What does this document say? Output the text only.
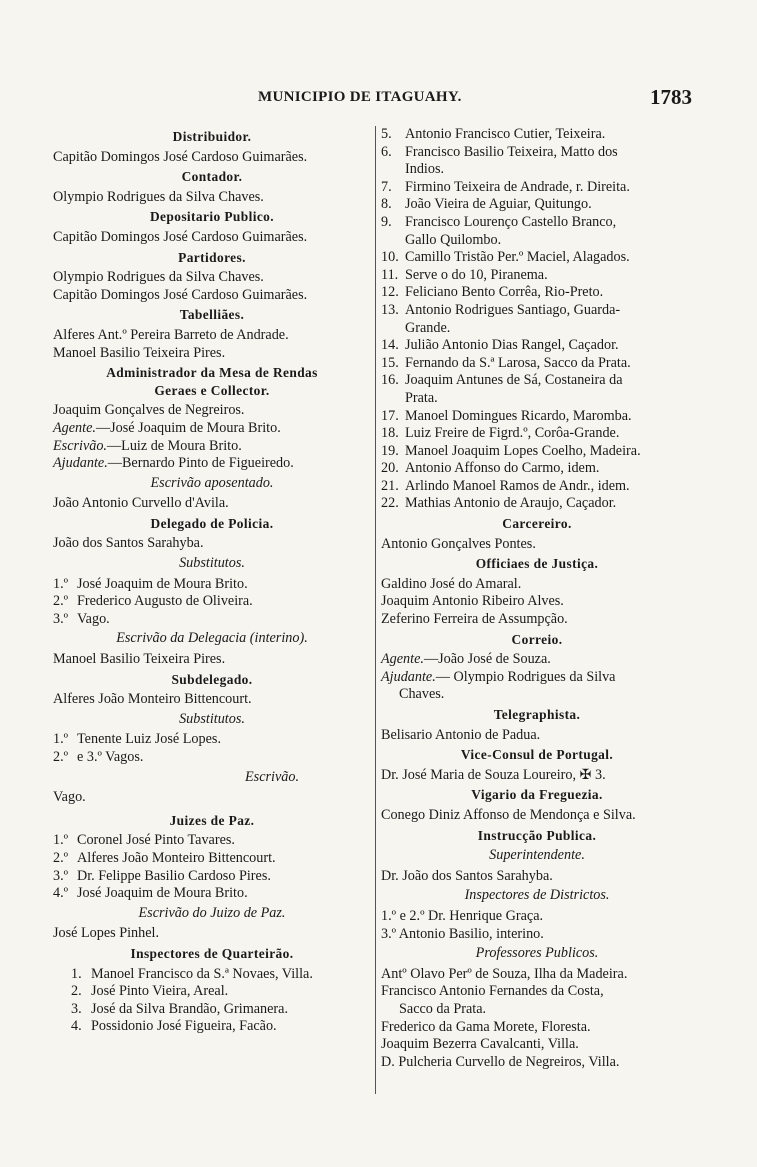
MUNICIPIO DE ITAGUAHY.	1783
Distribuidor.
Capitão Domingos José Cardoso Guimarães.
Contador.
Olympio Rodrigues da Silva Chaves.
Depositario Publico.
Capitão Domingos José Cardoso Guimarães.
Partidores.
Olympio Rodrigues da Silva Chaves.
Capitão Domingos José Cardoso Guimarães.
Tabelliães.
Alferes Ant.º Pereira Barreto de Andrade.
Manoel Basilio Teixeira Pires.
Administrador da Mesa de Rendas
Geraes e Collector.
Joaquim Gonçalves de Negreiros.
Agente.—José Joaquim de Moura Brito.
Escrivão.—Luiz de Moura Brito.
Ajudante.—Bernardo Pinto de Figueiredo.
Escrivão aposentado.
João Antonio Curvello d'Avila.
Delegado de Policia.
João dos Santos Sarahyba.
Substitutos.
1.º José Joaquim de Moura Brito.
2.º Frederico Augusto de Oliveira.
3.º Vago.
Escrivão da Delegacia (interino).
Manoel Basilio Teixeira Pires.
Subdelegado.
Alferes João Monteiro Bittencourt.
Substitutos.
1.º Tenente Luiz José Lopes.
2.º e 3.º Vagos.
Escrivão.
Vago.
Juizes de Paz.
1.º Coronel José Pinto Tavares.
2.º Alferes João Monteiro Bittencourt.
3.º Dr. Felippe Basilio Cardoso Pires.
4.º José Joaquim de Moura Brito.
Escrivão do Juizo de Paz.
José Lopes Pinhel.
Inspectores de Quarteirão.
1. Manoel Francisco da S.ª Novaes, Villa.
2. José Pinto Vieira, Areal.
3. José da Silva Brandão, Grimanera.
4. Possidonio José Figueira, Facão.
5. Antonio Francisco Cutier, Teixeira.
6. Francisco Basilio Teixeira, Matto dos
Indios.
7. Firmino Teixeira de Andrade, r. Direita.
8. João Vieira de Aguiar, Quitungo.
9. Francisco Lourenço Castello Branco,
Gallo Quilombo.
10. Camillo Tristão Per.º Maciel, Alagados.
11. Serve o do 10, Piranema.
12. Feliciano Bento Corrêa, Rio-Preto.
13. Antonio Rodrigues Santiago, Guarda-
Grande.
14. Julião Antonio Dias Rangel, Caçador.
15. Fernando da S.ª Larosa, Sacco da Prata.
16. Joaquim Antunes de Sá, Costaneira da
Prata.
17. Manoel Domingues Ricardo, Maromba.
18. Luiz Freire de Figrd.º, Corôa-Grande.
19. Manoel Joaquim Lopes Coelho, Madeira.
20. Antonio Affonso do Carmo, idem.
21. Arlindo Manoel Ramos de Andr., idem.
22. Mathias Antonio de Araujo, Caçador.
Carcereiro.
Antonio Gonçalves Pontes.
Officiaes de Justiça.
Galdino José do Amaral.
Joaquim Antonio Ribeiro Alves.
Zeferino Ferreira de Assumpção.
Correio.
Agente.—João José de Souza.
Ajudante.— Olympio Rodrigues da Silva
Chaves.
Telegraphista.
Belisario Antonio de Padua.
Vice-Consul de Portugal.
Dr. José Maria de Souza Loureiro, ✠ 3.
Vigario da Freguezia.
Conego Diniz Affonso de Mendonça e Silva.
Instrucção Publica.
Superintendente.
Dr. João dos Santos Sarahyba.
Inspectores de Districtos.
1.º e 2.º Dr. Henrique Graça.
3.º Antonio Basilio, interino.
Professores Publicos.
Antº Olavo Perº de Souza, Ilha da Madeira.
Francisco Antonio Fernandes da Costa,
Sacco da Prata.
Frederico da Gama Morete, Floresta.
Joaquim Bezerra Cavalcanti, Villa.
D. Pulcheria Curvello de Negreiros, Villa.
